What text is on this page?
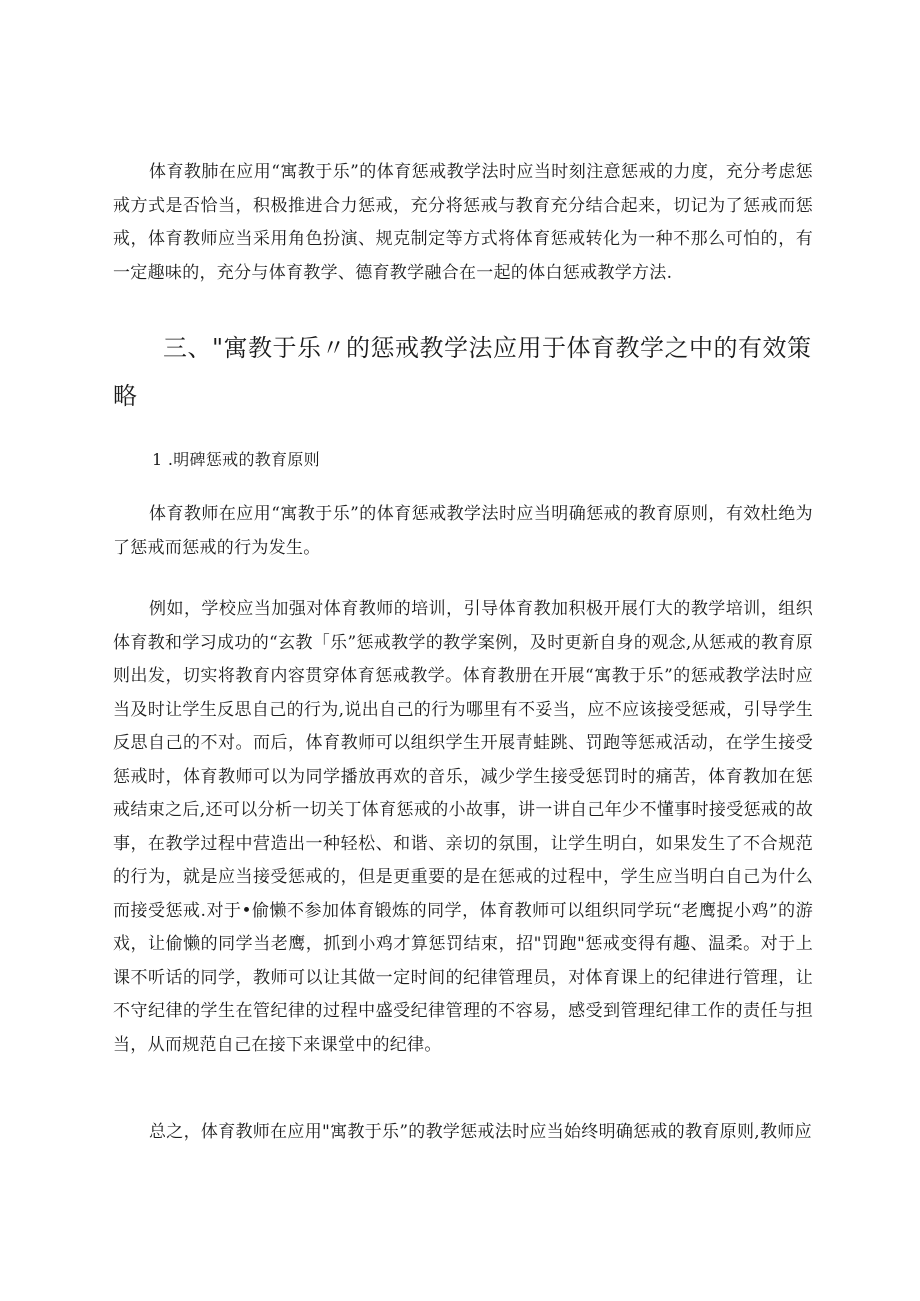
体育教肺在应用“寓教于乐”的体育惩戒教学法时应当时刻注意惩戒的力度，充分考虑惩戒方式是否恰当，积极推进合力惩戒，充分将惩戒与教育充分结合起来，切记为了惩戒而惩戒，体育教师应当采用角色扮演、规克制定等方式将体育惩戒转化为一种不那么可怕的，有一定趣味的，充分与体育教学、德育教学融合在一起的体白惩戒教学方法.

三、"寓教于乐〃的惩戒教学法应用于体育教学之中的有效策略
1 .明碑惩戒的教育原则

体育教师在应用“寓教于乐”的体育惩戒教学法时应当明确惩戒的教育原则，有效杜绝为了惩戒而惩戒的行为发生。

例如，学校应当加强对体育教师的培训，引导体育教加积极开展仃大的教学培训，组织体育教和学习成功的“玄教「乐”惩戒教学的教学案例，及时更新自身的观念,从惩戒的教育原则出发，切实将教育内容贯穿体育惩戒教学。体育教册在开展“寓教于乐”的惩戒教学法时应当及时让学生反思自己的行为,说出自己的行为哪里有不妥当，应不应该接受惩戒，引导学生反思自己的不对。而后，体育教师可以组织学生开展青蛙跳、罚跑等惩戒活动，在学生接受惩戒时，体育教师可以为同学播放再欢的音乐，减少学生接受惩罚时的痛苦，体育教加在惩戒结束之后,还可以分析一切关丁体育惩戒的小故事，讲一讲自己年少不懂事时接受惩戒的故事，在教学过程中营造出一种轻松、和谐、亲切的氛围，让学生明白，如果发生了不合规范的行为，就是应当接受惩戒的，但是更重要的是在惩戒的过程中，学生应当明白自己为什么而接受惩戒.对于•偷懒不参加体育锻炼的同学，体育教师可以组织同学玩“老鹰捉小鸡”的游戏，让偷懒的同学当老鹰，抓到小鸡才算惩罚结束，招"罚跑"惩戒变得有趣、温柔。对于上课不听话的同学，教师可以让其做一定时间的纪律管理员，对体育课上的纪律进行管理，让不守纪律的学生在管纪律的过程中盛受纪律管理的不容易，感受到管理纪律工作的责任与担当，从而规范自己在接下来课堂中的纪律。

总之，体育教师在应用"寓教于乐”的教学惩戒法时应当始终明确惩戒的教育原则,教师应
